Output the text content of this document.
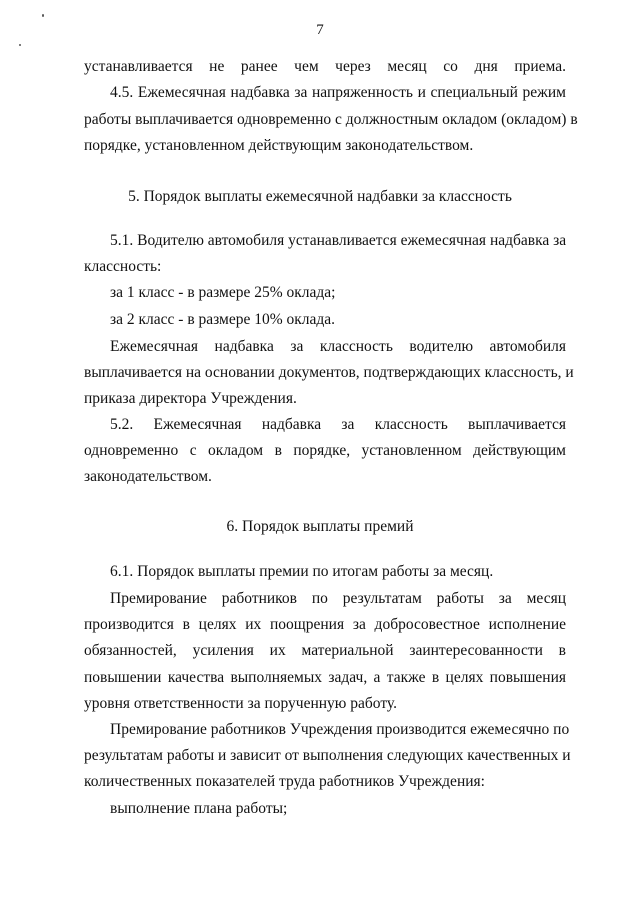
7
устанавливается не ранее чем через месяц со дня приема.
4.5. Ежемесячная надбавка за напряженность и специальный режим
работы выплачивается одновременно с должностным окладом (окладом) в
порядке, установленном действующим законодательством.
5. Порядок выплаты ежемесячной надбавки за классность
5.1. Водителю автомобиля устанавливается ежемесячная надбавка за
классность:
за 1 класс - в размере 25% оклада;
за 2 класс - в размере 10% оклада.
Ежемесячная надбавка за классность водителю автомобиля
выплачивается на основании документов, подтверждающих классность, и
приказа директора Учреждения.
5.2. Ежемесячная надбавка за классность выплачивается
одновременно с окладом в порядке, установленном действующим
законодательством.
6. Порядок выплаты премий
6.1. Порядок выплаты премии по итогам работы за месяц.
Премирование работников по результатам работы за месяц
производится в целях их поощрения за добросовестное исполнение
обязанностей, усиления их материальной заинтересованности в
повышении качества выполняемых задач, а также в целях повышения
уровня ответственности за порученную работу.
Премирование работников Учреждения производится ежемесячно по
результатам работы и зависит от выполнения следующих качественных и
количественных показателей труда работников Учреждения:
выполнение плана работы;
